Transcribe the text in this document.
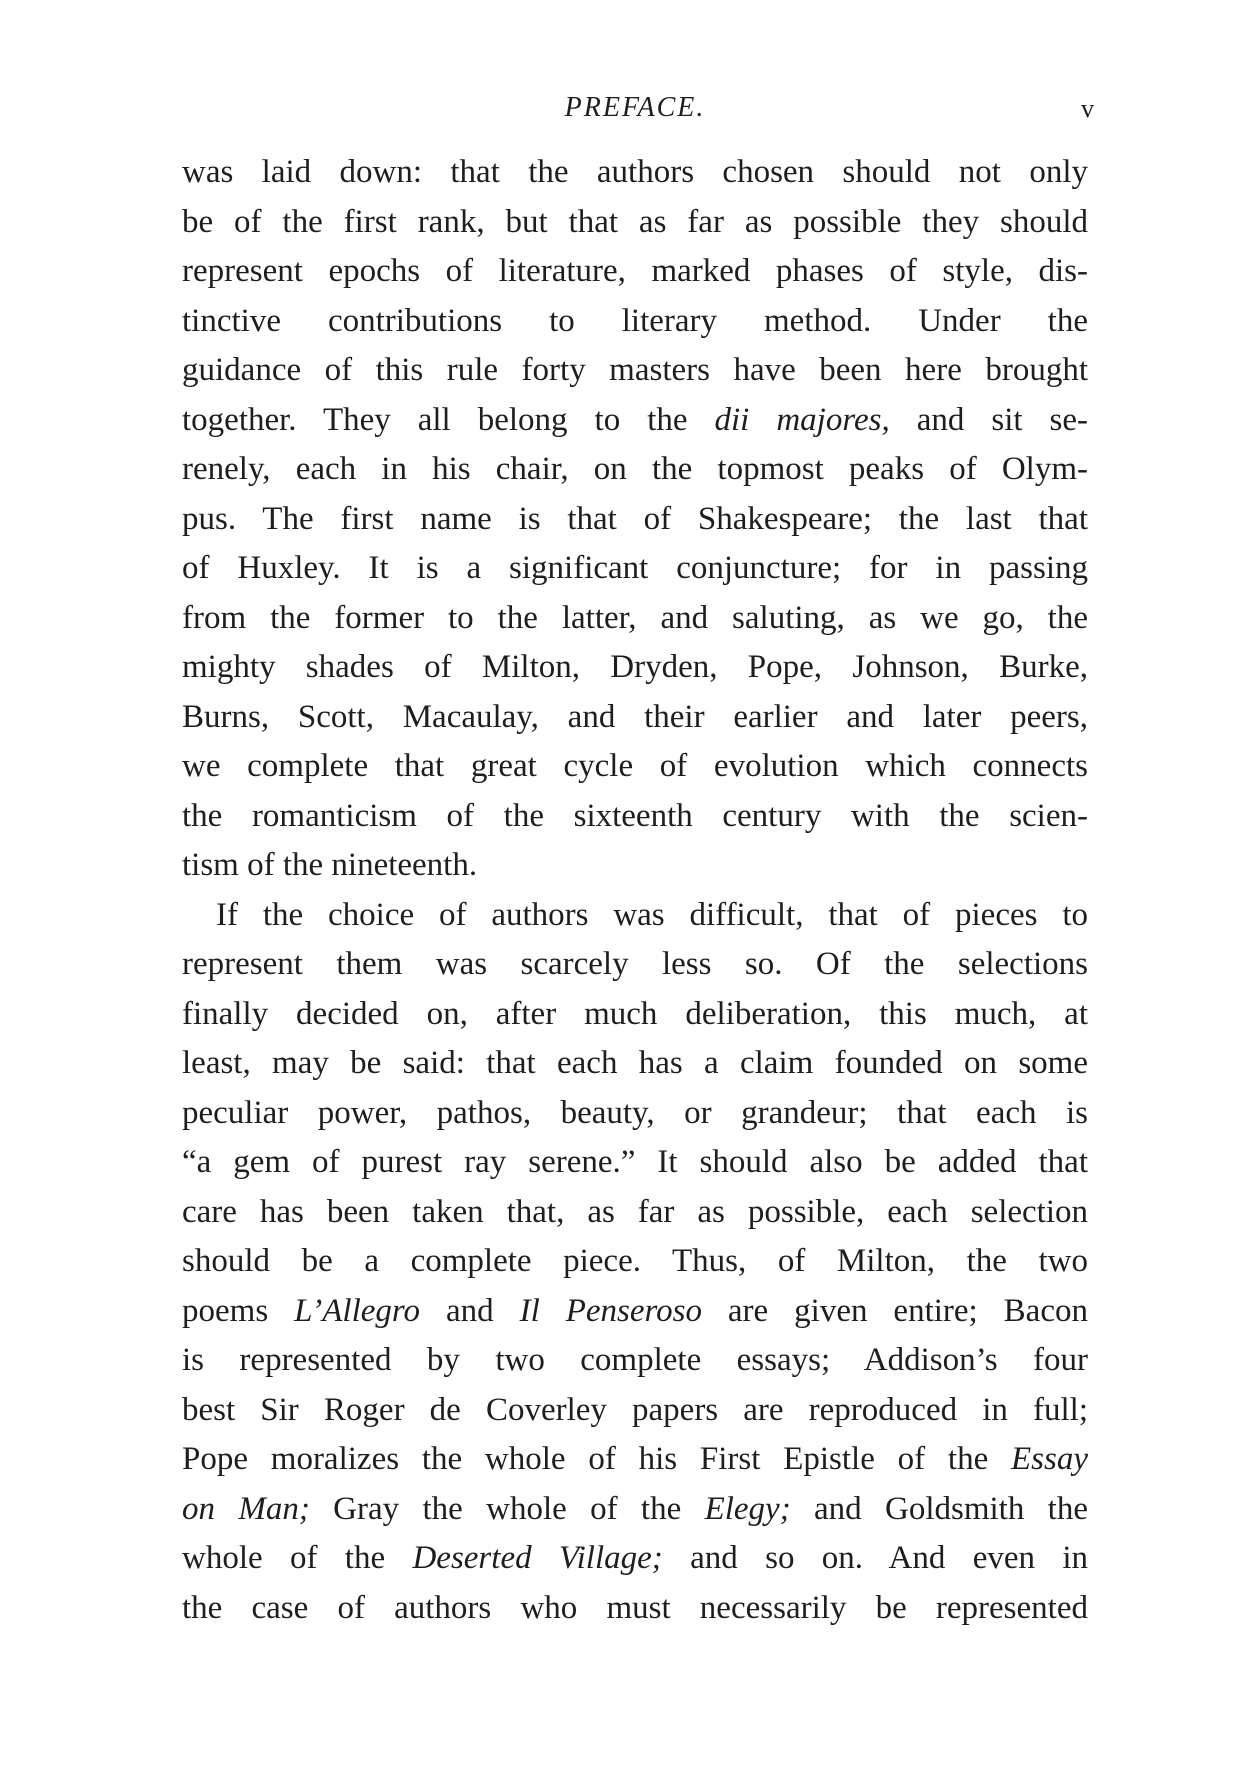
PREFACE.	v
was laid down: that the authors chosen should not only
be of the first rank, but that as far as possible they should
represent epochs of literature, marked phases of style, dis-
tinctive contributions to literary method. Under the
guidance of this rule forty masters have been here brought
together. They all belong to the dii majores, and sit se-
renely, each in his chair, on the topmost peaks of Olym-
pus. The first name is that of Shakespeare; the last that
of Huxley. It is a significant conjuncture; for in passing
from the former to the latter, and saluting, as we go, the
mighty shades of Milton, Dryden, Pope, Johnson, Burke,
Burns, Scott, Macaulay, and their earlier and later peers,
we complete that great cycle of evolution which connects
the romanticism of the sixteenth century with the scien-
tism of the nineteenth.
If the choice of authors was difficult, that of pieces to
represent them was scarcely less so. Of the selections
finally decided on, after much deliberation, this much, at
least, may be said: that each has a claim founded on some
peculiar power, pathos, beauty, or grandeur; that each is
“a gem of purest ray serene.” It should also be added that
care has been taken that, as far as possible, each selection
should be a complete piece. Thus, of Milton, the two
poems L’Allegro and Il Penseroso are given entire; Bacon
is represented by two complete essays; Addison’s four
best Sir Roger de Coverley papers are reproduced in full;
Pope moralizes the whole of his First Epistle of the Essay
on Man; Gray the whole of the Elegy; and Goldsmith the
whole of the Deserted Village; and so on. And even in
the case of authors who must necessarily be represented
